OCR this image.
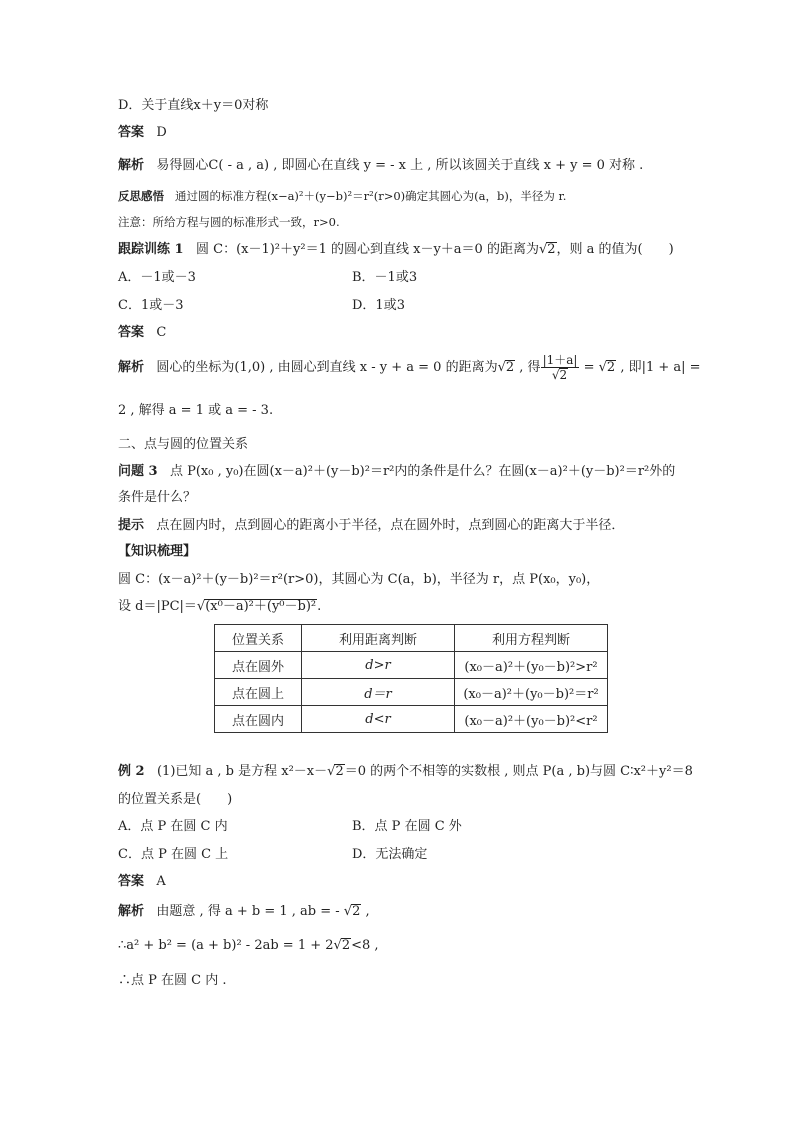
D．关于直线x＋y＝0对称
答案 D
解析 易得圆心C( - a , a) , 即圆心在直线 y = - x 上 , 所以该圆关于直线 x + y = 0 对称 .
反思感悟 通过圆的标准方程(x−a)²＋(y−b)²＝r²(r>0)确定其圆心为(a，b)，半径为 r.
注意：所给方程与圆的标准形式一致，r>0.
跟踪训练 1 圆 C：(x－1)²＋y²＝1 的圆心到直线 x－y＋a＝0 的距离为√2，则 a 的值为(　　)
A．－1或－3	B．－1或3
C．1或－3	D．1或3
答案 C
解析 圆心的坐标为(1,0) , 由圆心到直线 x - y + a = 0 的距离为√2 , 得 $\frac{|1+a|}{√2} = √2$ , 即|1 + a| =
2 , 解得 a = 1 或 a = - 3.
二、点与圆的位置关系
问题 3 点 P(x₀ , y₀)在圆(x－a)²＋(y－b)²＝r²内的条件是什么？在圆(x－a)²＋(y－b)²＝r²外的
条件是什么？
提示 点在圆内时，点到圆心的距离小于半径，点在圆外时，点到圆心的距离大于半径．
【知识梳理】
圆 C：(x－a)²＋(y－b)²＝r²(r>0)，其圆心为 C(a，b)，半径为 r，点 P(x₀，y₀)，
设 d＝|PC|＝√(x⁰－a)²＋(y⁰－b)².
位置关系	利用距离判断	利用方程判断
点在圆外	d>r	(x₀－a)²＋(y₀－b)²>r²
点在圆上	d＝r	(x₀－a)²＋(y₀－b)²＝r²
点在圆内	d<r	(x₀－a)²＋(y₀－b)²<r²
例 2 (1)已知 a , b 是方程 x²－x－√2＝0 的两个不相等的实数根 , 则点 P(a , b)与圆 C∶x²＋y²＝8
的位置关系是(　　)
A．点 P 在圆 C 内	B．点 P 在圆 C 外
C．点 P 在圆 C 上	D．无法确定
答案 A
解析 由题意 , 得 a + b = 1 , ab = - √2 ,
∴a² + b² = (a + b)² - 2ab = 1 + 2√2<8 ,
∴点 P 在圆 C 内 .
